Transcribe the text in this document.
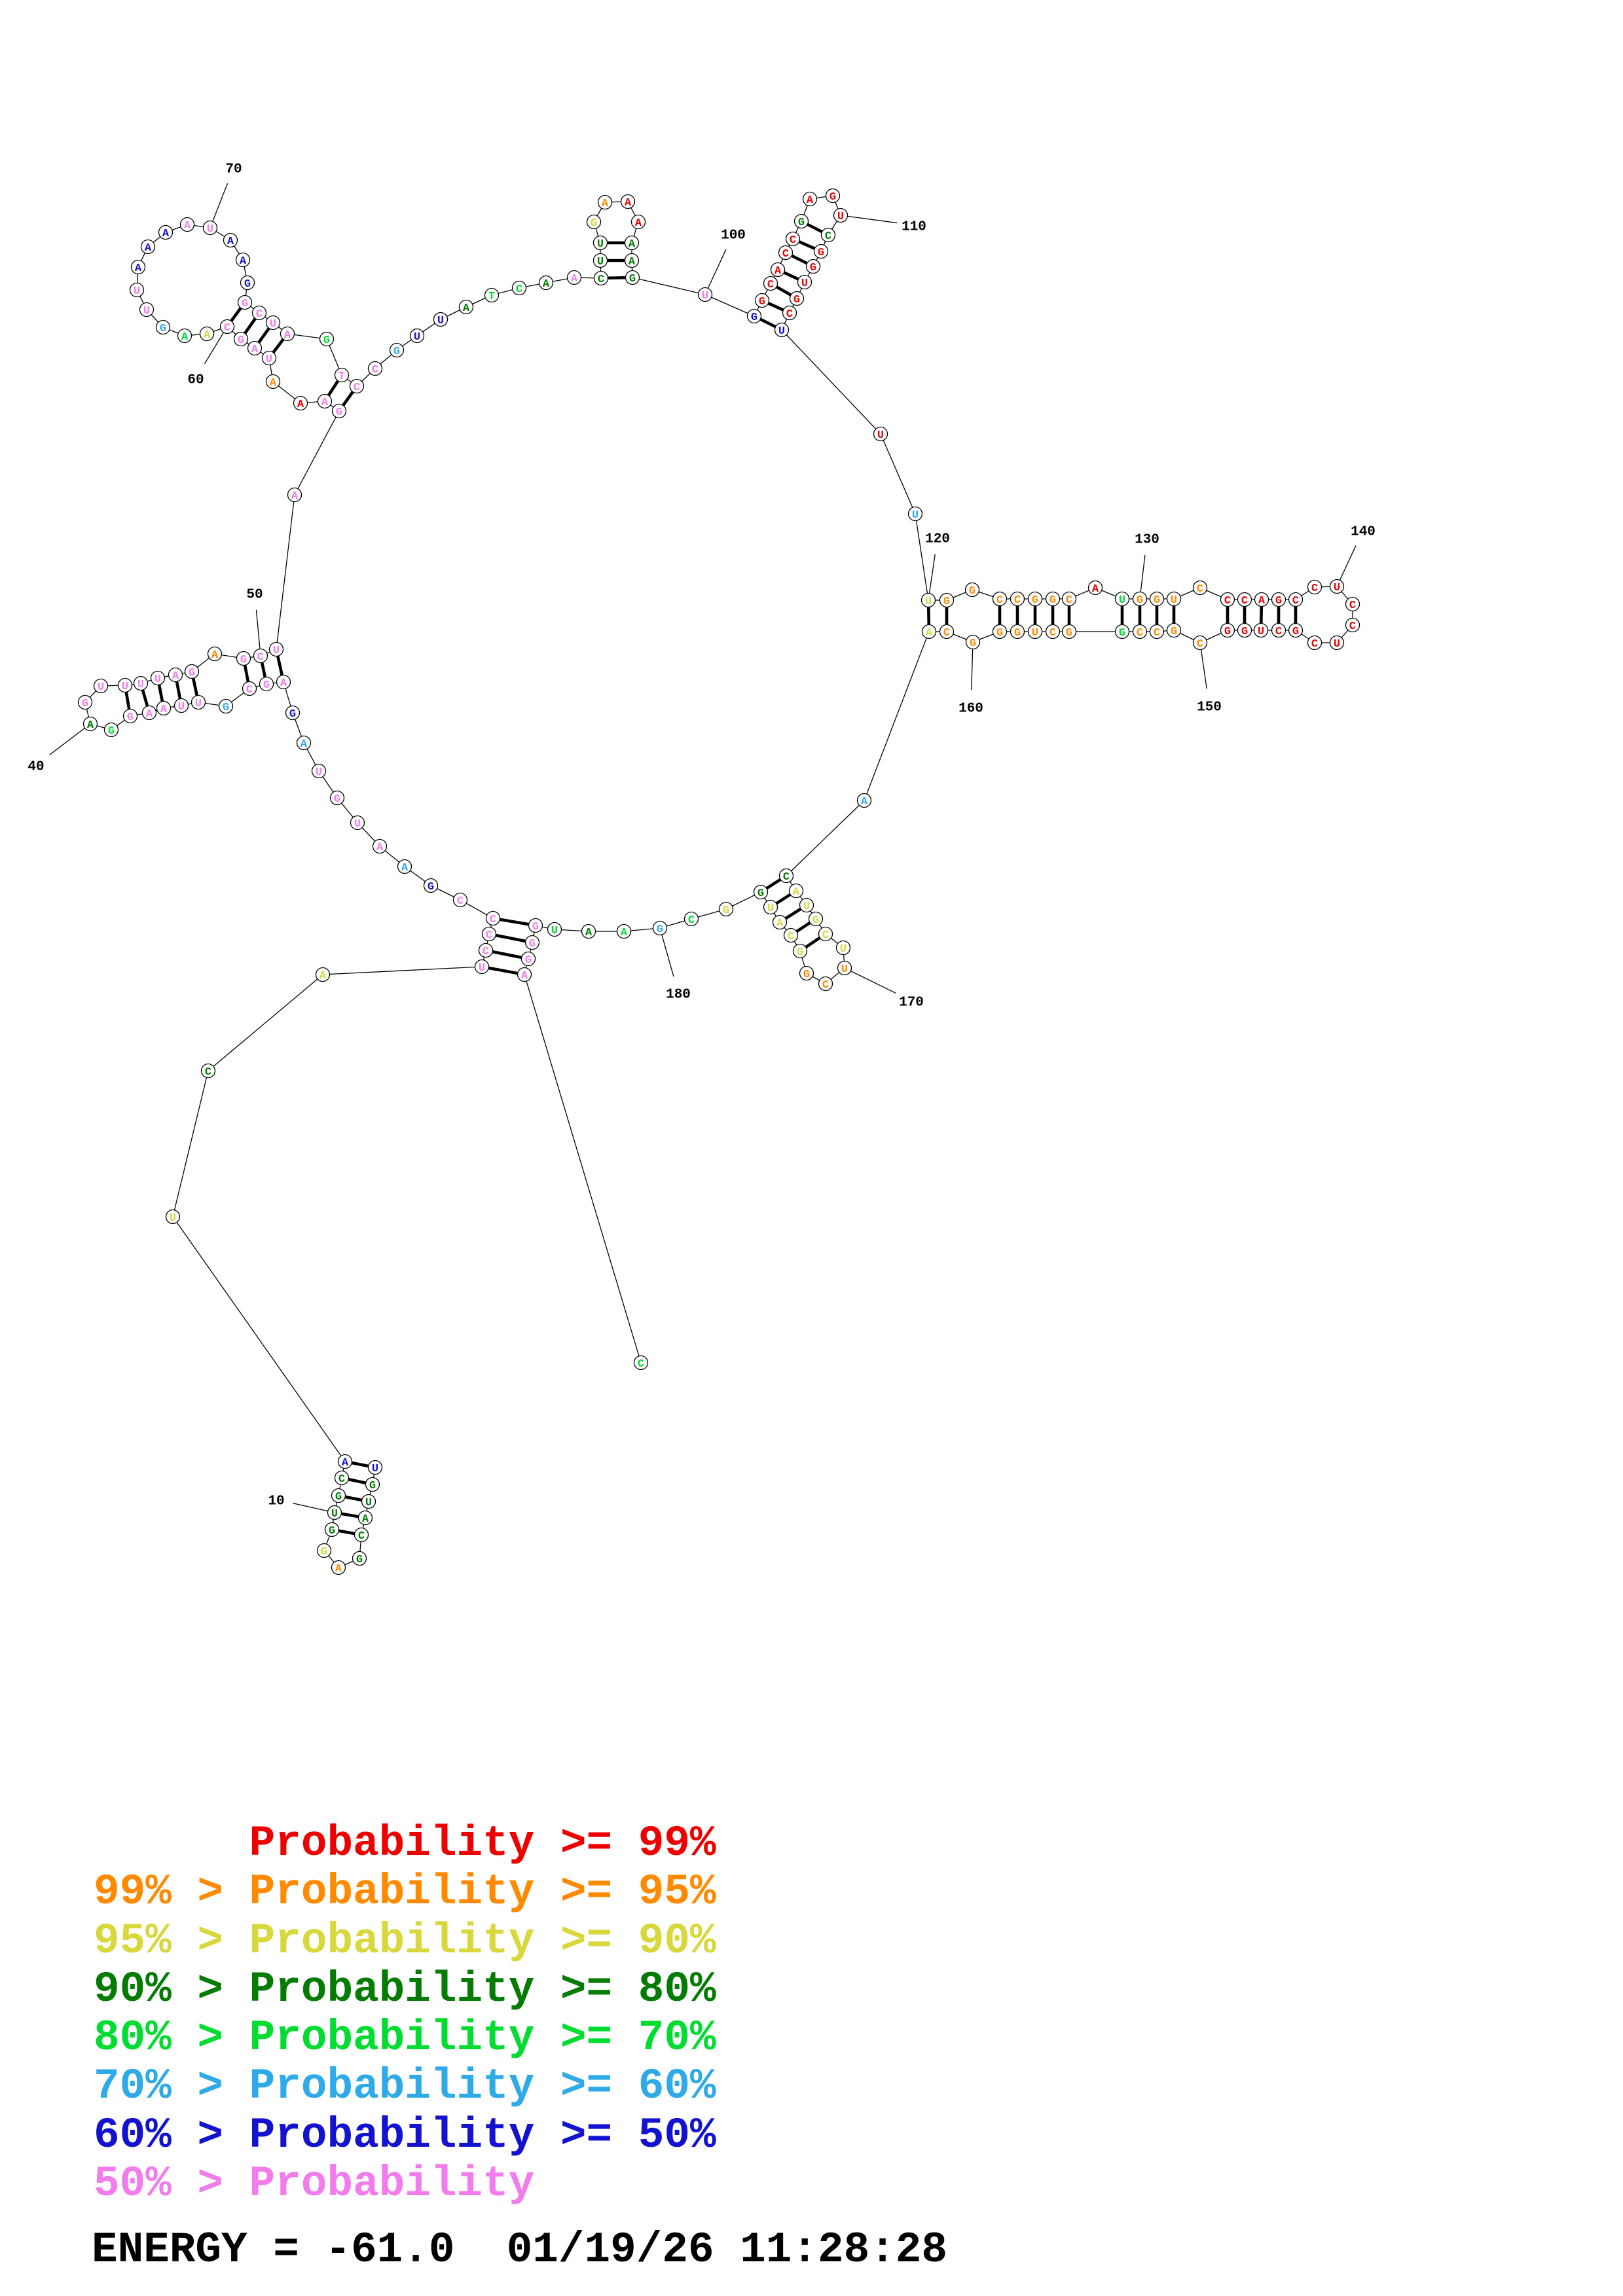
U
G
U
A
C
G
A
G
G
U
G
C
A
U
C
A
U
C
C
C
C
G
A
A
U
G
U
A
G
A
G
C
G
U
U
A
A
G
G
A
G
U U U U A G
A G C
U
A
G
A
A
A
U
A
G
C
A
A
G
U
U
A
A
A
A U
A
A
G
G
C
U
A	G
T
C
C
G
U
U
A
T
C A A C
U
U
G
A A
A
A
A
G
U
G
G
C
A
C
C
G
A G
U
C
G
G
U
G
C
U
U
U
U G
G
C C G G C
A
U G G U
C
C C A G C
C U
C
C
U
C
G
C
U
G
G
C
G
C
C
G
G
C
U
G
G
G
C
A
A
C
A
U
G
C
U
U
C
G
G
C
A
U
G
G
C
G
A
A
U
G
G
G
A
C
10
40
50
60
70
100
110
120	130
140
150
160
170
180
Probability >= 99%
99% > Probability >= 95%
95% > Probability >= 90%
90% > Probability >= 80%
80% > Probability >= 70%
70% > Probability >= 60%
60% > Probability >= 50%
50% > Probability
ENERGY = -61.0  01/19/26 11:28:28
